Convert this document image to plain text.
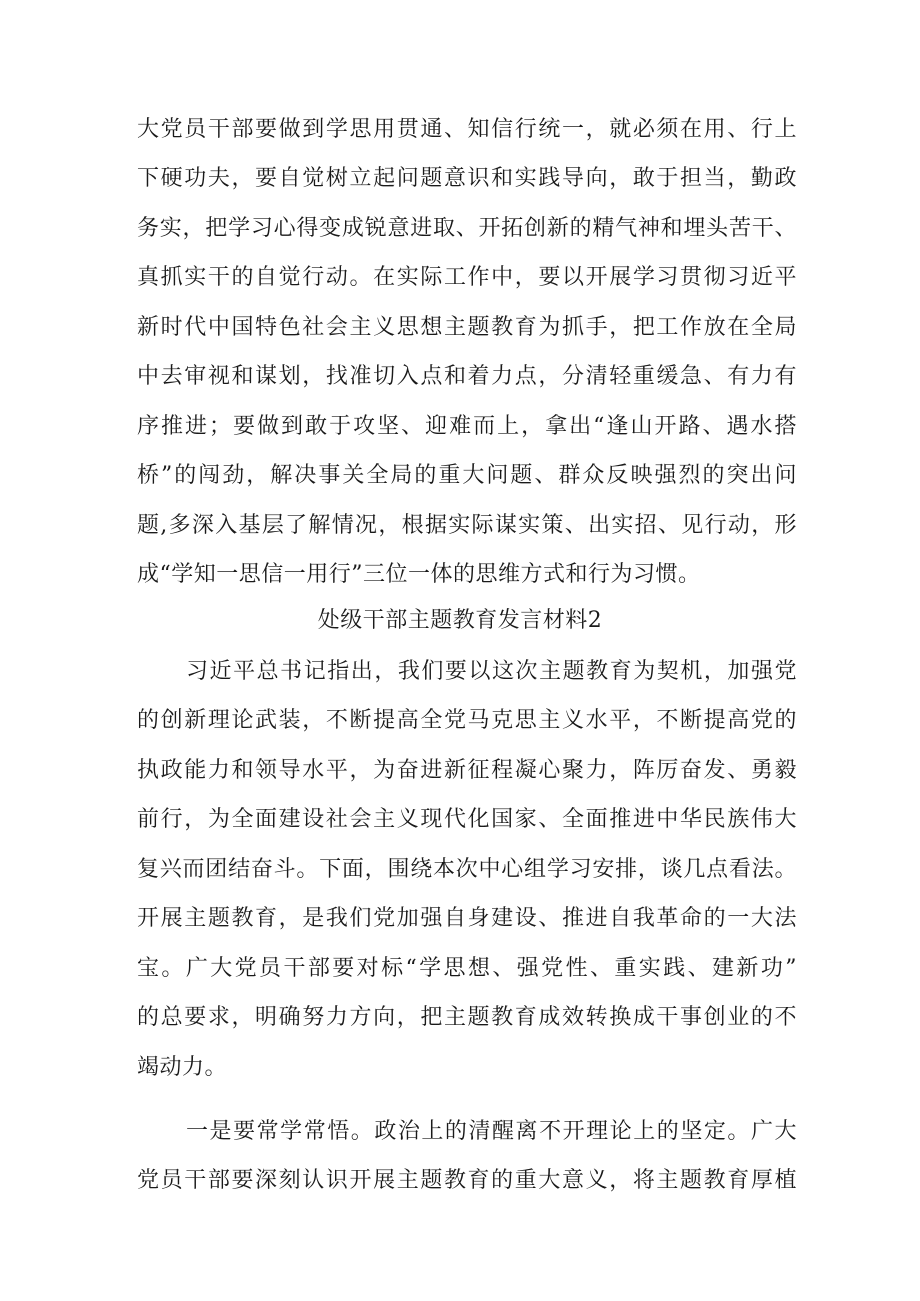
大党员干部要做到学思用贯通、知信行统一，就必须在用、行上
下硬功夫，要自觉树立起问题意识和实践导向，敢于担当，勤政
务实，把学习心得变成锐意进取、开拓创新的精气神和埋头苦干、
真抓实干的自觉行动。在实际工作中，要以开展学习贯彻习近平
新时代中国特色社会主义思想主题教育为抓手，把工作放在全局
中去审视和谋划，找准切入点和着力点，分清轻重缓急、有力有
序推进；要做到敢于攻坚、迎难而上，拿出“逢山开路、遇水搭
桥”的闯劲，解决事关全局的重大问题、群众反映强烈的突出问
题,多深入基层了解情况，根据实际谋实策、出实招、见行动，形
成“学知一思信一用行”三位一体的思维方式和行为习惯。
处级干部主题教育发言材料2
习近平总书记指出，我们要以这次主题教育为契机，加强党
的创新理论武装，不断提高全党马克思主义水平，不断提高党的
执政能力和领导水平，为奋进新征程凝心聚力，阵厉奋发、勇毅
前行，为全面建设社会主义现代化国家、全面推进中华民族伟大
复兴而团结奋斗。下面，围绕本次中心组学习安排，谈几点看法。
开展主题教育，是我们党加强自身建设、推进自我革命的一大法
宝。广大党员干部要对标“学思想、强党性、重实践、建新功”
的总要求，明确努力方向，把主题教育成效转换成干事创业的不
竭动力。
一是要常学常悟。政治上的清醒离不开理论上的坚定。广大
党员干部要深刻认识开展主题教育的重大意义，将主题教育厚植
